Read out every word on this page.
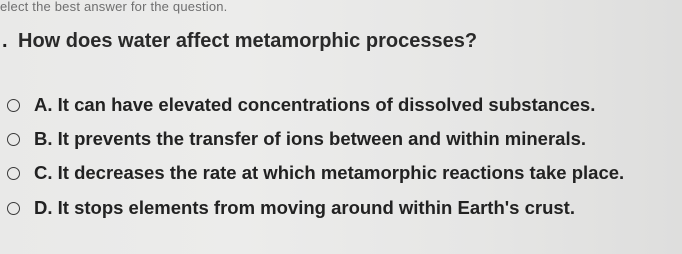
elect the best answer for the question.
. How does water affect metamorphic processes?
A. It can have elevated concentrations of dissolved substances.
B. It prevents the transfer of ions between and within minerals.
C. It decreases the rate at which metamorphic reactions take place.
D. It stops elements from moving around within Earth's crust.
